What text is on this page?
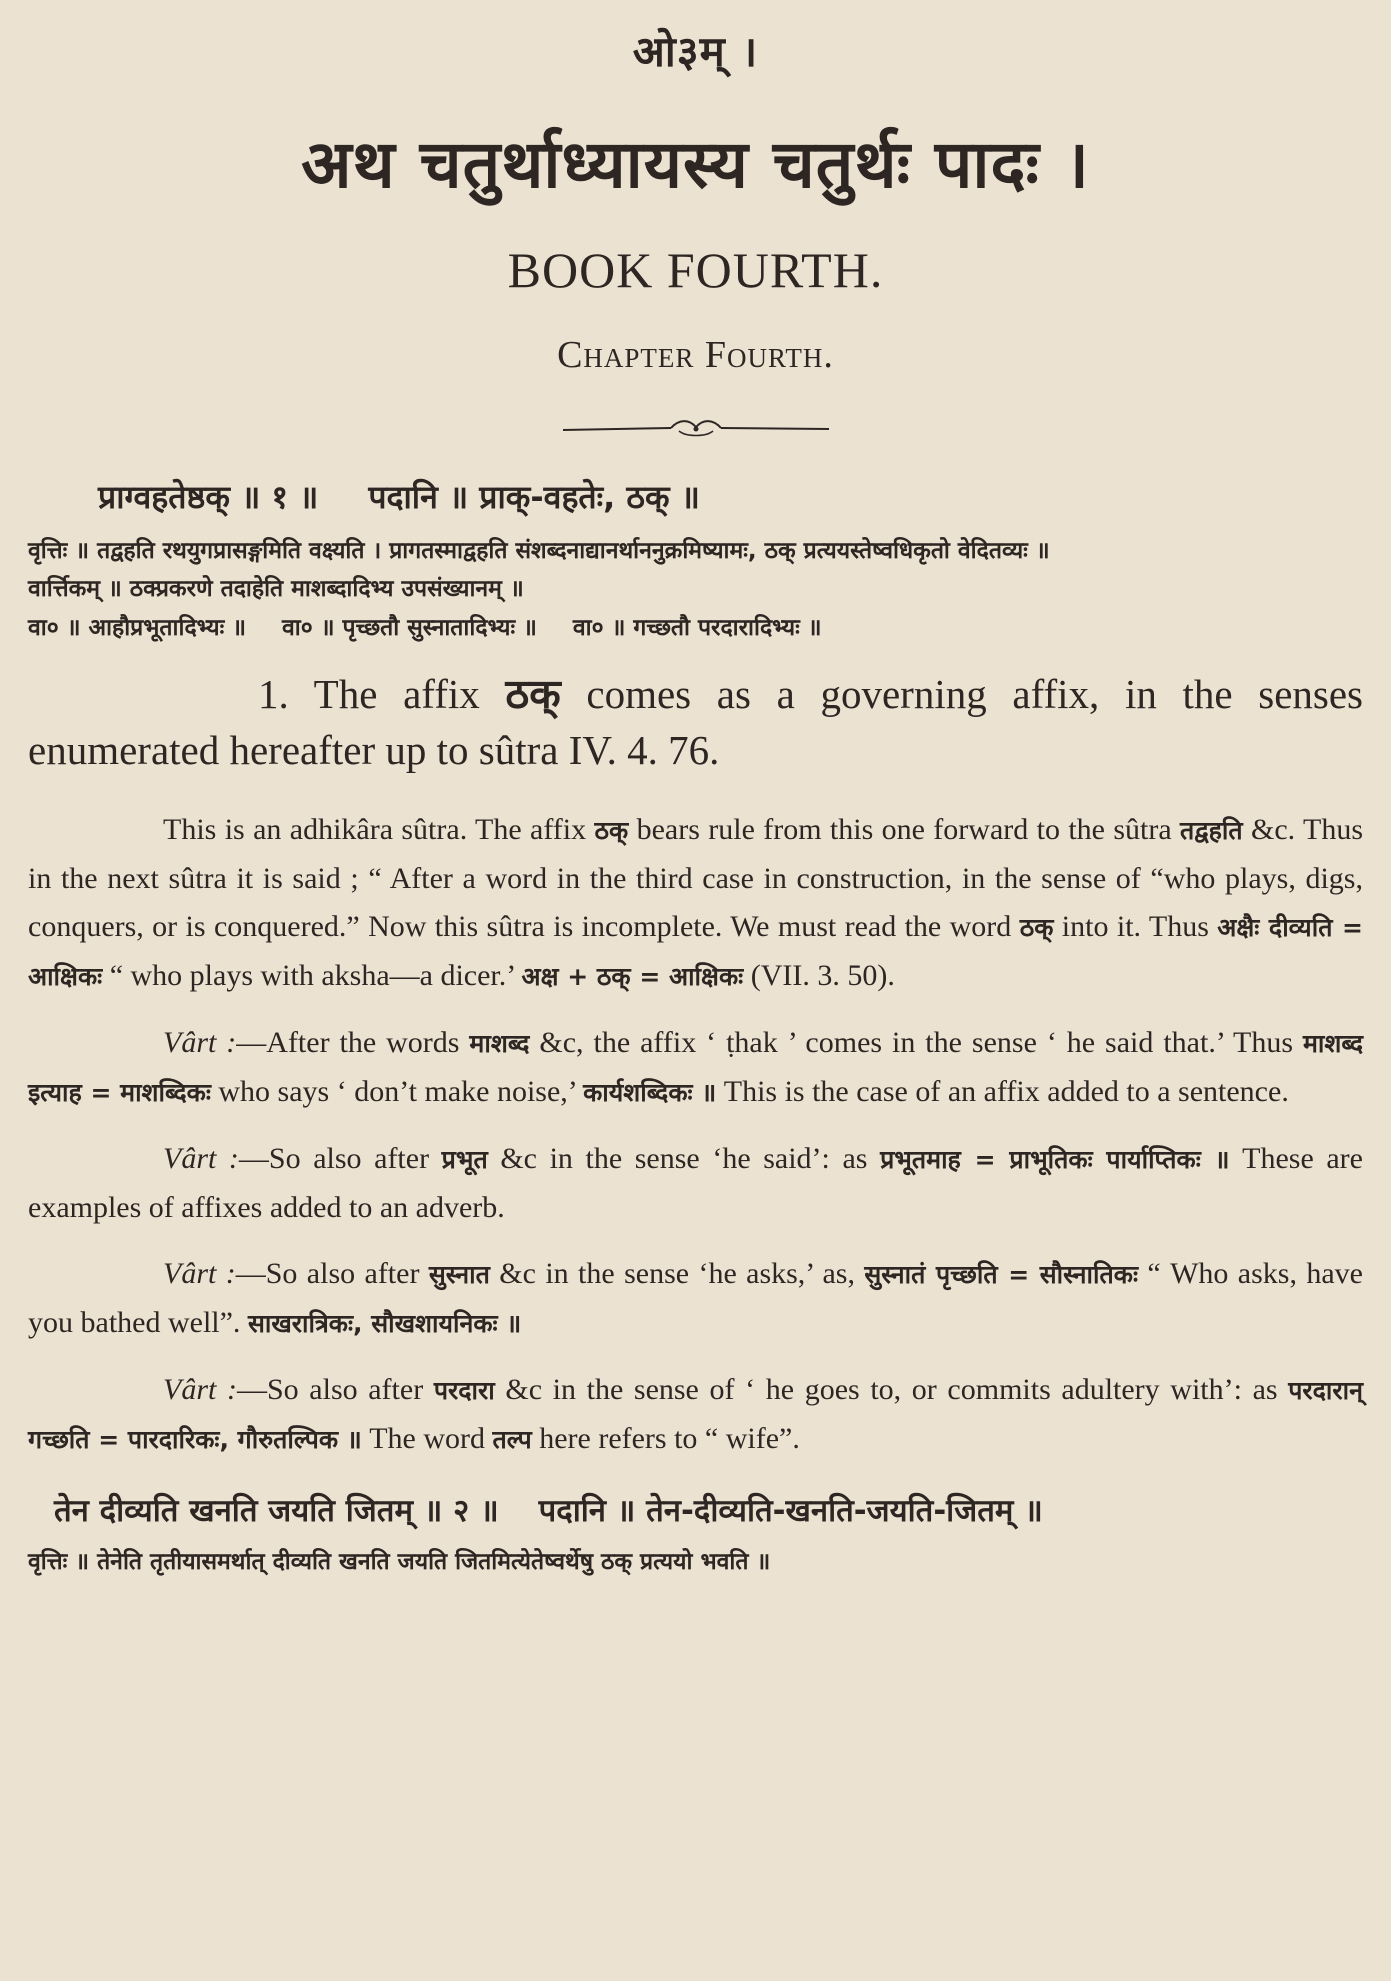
ओ३म् ।
अथ चतुर्थाध्यायस्य चतुर्थः पादः ।
BOOK FOURTH.
Chapter Fourth.
प्राग्वहतेष्ठक् ॥ १ ॥ पदानि ॥ प्राक्-वहतेः, ठक् ॥
वृत्तिः ॥ तद्वहति रथयुगप्रासङ्गमिति वक्ष्यति । प्रागतस्माद्वहति संशब्दनाद्यानर्थाननुक्रमिष्यामः, ठक् प्रत्ययस्तेष्वधिकृतो वेदितव्यः ॥
वार्त्तिकम् ॥ ठक्प्रकरणे तदाहेति माशब्दादिभ्य उपसंख्यानम् ॥
वा० ॥ आहौप्रभूतादिभ्यः ॥ वा० ॥ पृच्छतौ सुस्नातादिभ्यः ॥ वा० ॥ गच्छतौ परदारादिभ्यः ॥
1. The affix ठक् comes as a governing affix, in the senses enumerated hereafter up to sûtra IV. 4. 76.

This is an adhikâra sûtra. The affix ठक् bears rule from this one forward to the sûtra तद्वहति &c. Thus in the next sûtra it is said ; “ After a word in the third case in construction, in the sense of “who plays, digs, conquers, or is conquered.” Now this sûtra is incomplete. We must read the word ठक् into it. Thus अक्षैः दीव्यति = आक्षिकः “ who plays with aksha—a dicer.’ अक्ष + ठक् = आक्षिकः (VII. 3. 50).

Vârt :—After the words माशब्द &c, the affix ‘ ṭhak ’ comes in the sense ‘ he said that.’ Thus माशब्द इत्याह = माशब्दिकः who says ‘ don’t make noise,’ कार्यशब्दिकः ॥ This is the case of an affix added to a sentence.

Vârt :—So also after प्रभूत &c in the sense ‘he said’: as प्रभूतमाह = प्राभूतिकः पार्याप्तिकः ॥ These are examples of affixes added to an adverb.

Vârt :—So also after सुस्नात &c in the sense ‘he asks,’ as, सुस्नातं पृच्छति = सौस्नातिकः “ Who asks, have you bathed well”. साखरात्रिकः, सौखशायनिकः ॥

Vârt :—So also after परदारा &c in the sense of ‘ he goes to, or commits adultery with’: as परदारान् गच्छति = पारदारिकः, गौरुतल्पिक ॥ The word तल्प here refers to “ wife”.

तेन दीव्यति खनति जयति जितम् ॥ २ ॥ पदानि ॥ तेन-दीव्यति-खनति-जयति-जितम् ॥
वृत्तिः ॥ तेनेति तृतीयासमर्थात् दीव्यति खनति जयति जितमित्येतेष्वर्थेषु ठक् प्रत्ययो भवति ॥
